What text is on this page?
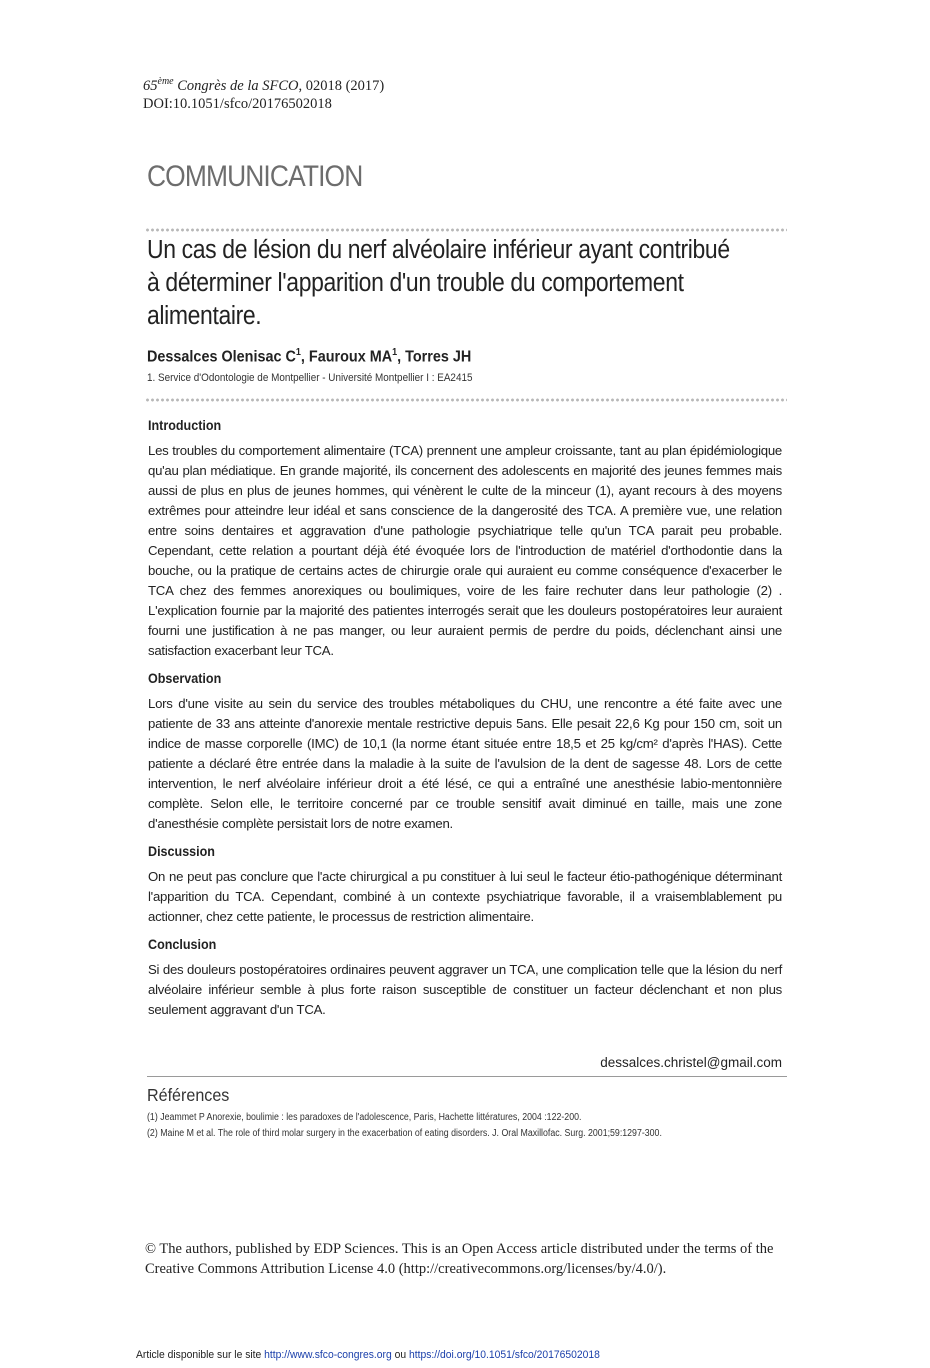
65ème Congrès de la SFCO, 02018 (2017)
DOI:10.1051/sfco/20176502018
COMMUNICATION
Un cas de lésion du nerf alvéolaire inférieur ayant contribué à déterminer l'apparition d'un trouble du comportement alimentaire.
Dessalces Olenisac $C^1$, Fauroux $MA^1$, Torres JH
1. Service d'Odontologie de Montpellier - Université Montpellier I : EA2415
Introduction
Les troubles du comportement alimentaire (TCA) prennent une ampleur croissante, tant au plan épidémiologique qu'au plan médiatique. En grande majorité, ils concernent des adolescents en majorité des jeunes femmes mais aussi de plus en plus de jeunes hommes, qui vénèrent le culte de la minceur (1), ayant recours à des moyens extrêmes pour atteindre leur idéal et sans conscience de la dangerosité des TCA. A première vue, une relation entre soins dentaires et aggravation d'une pathologie psychiatrique telle qu'un TCA parait peu probable. Cependant, cette relation a pourtant déjà été évoquée lors de l'introduction de matériel d'orthodontie dans la bouche, ou la pratique de certains actes de chirurgie orale qui auraient eu comme conséquence d'exacerber le TCA chez des femmes anorexiques ou boulimiques, voire de les faire rechuter dans leur pathologie (2) . L'explication fournie par la majorité des patientes interrogés serait que les douleurs postopératoires leur auraient fourni une justification à ne pas manger, ou leur auraient permis de perdre du poids, déclenchant ainsi une satisfaction exacerbant leur TCA.
Observation
Lors d'une visite au sein du service des troubles métaboliques du CHU, une rencontre a été faite avec une patiente de 33 ans atteinte d'anorexie mentale restrictive depuis 5ans. Elle pesait 22,6 Kg pour 150 cm, soit un indice de masse corporelle (IMC) de 10,1 (la norme étant située entre 18,5 et 25 kg/cm² d'après l'HAS). Cette patiente a déclaré être entrée dans la maladie à la suite de l'avulsion de la dent de sagesse 48. Lors de cette intervention, le nerf alvéolaire inférieur droit a été lésé, ce qui a entraîné une anesthésie labio-mentonnière complète. Selon elle, le territoire concerné par ce trouble sensitif avait diminué en taille, mais une zone d'anesthésie complète persistait lors de notre examen.
Discussion
On ne peut pas conclure que l'acte chirurgical a pu constituer à lui seul le facteur étio-pathogénique déterminant l'apparition du TCA. Cependant, combiné à un contexte psychiatrique favorable, il a vraisemblablement pu actionner, chez cette patiente, le processus de restriction alimentaire.
Conclusion
Si des douleurs postopératoires ordinaires peuvent aggraver un TCA, une complication telle que la lésion du nerf alvéolaire inférieur semble à plus forte raison susceptible de constituer un facteur déclenchant et non plus seulement aggravant d'un TCA.
dessalces.christel@gmail.com
Références
(1) Jeammet P Anorexie, boulimie : les paradoxes de l'adolescence, Paris, Hachette littératures, 2004 :122-200.
(2) Maine M et al. The role of third molar surgery in the exacerbation of eating disorders. J. Oral Maxillofac. Surg. 2001;59:1297-300.
© The authors, published by EDP Sciences. This is an Open Access article distributed under the terms of the Creative Commons Attribution License 4.0 (http://creativecommons.org/licenses/by/4.0/).
Article disponible sur le site http://www.sfco-congres.org ou https://doi.org/10.1051/sfco/20176502018
